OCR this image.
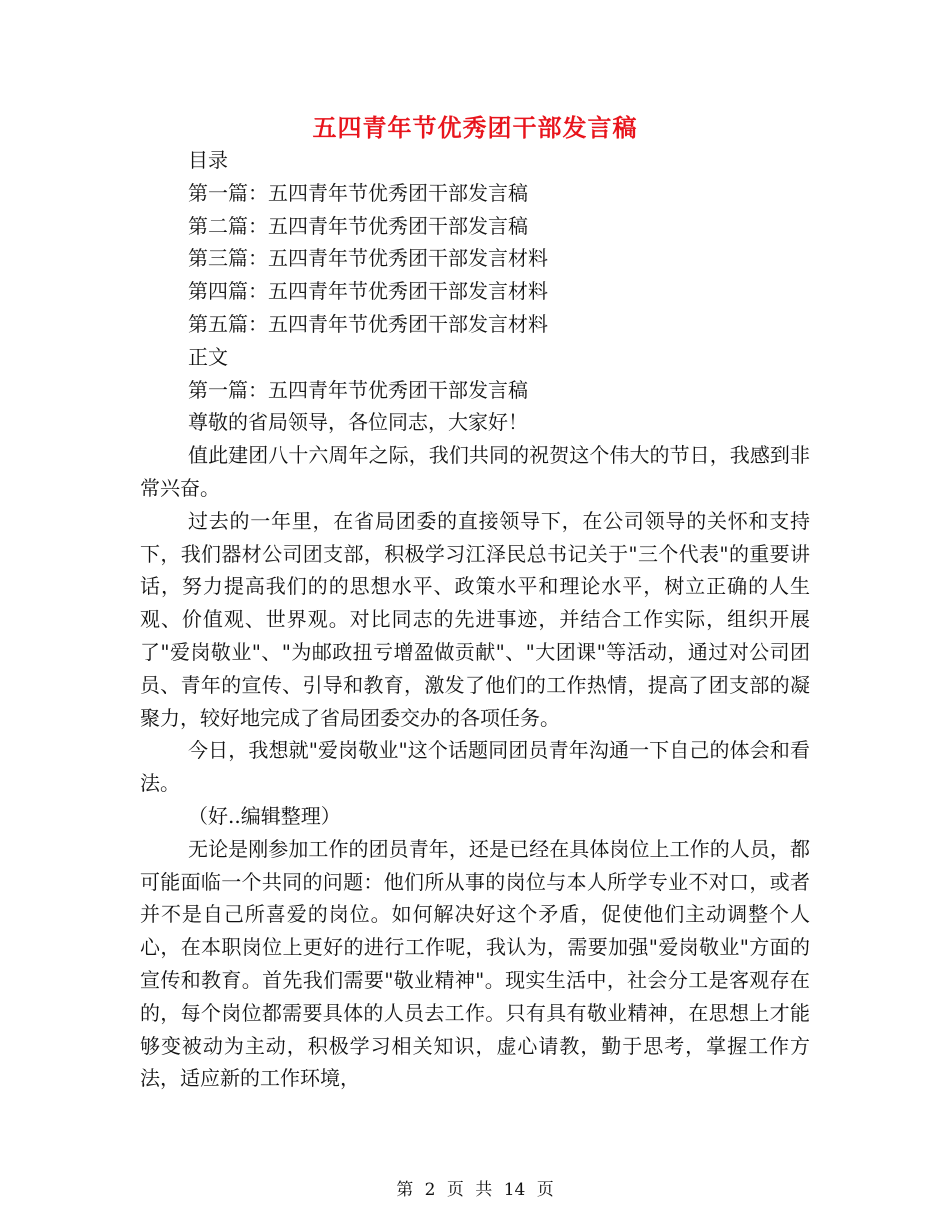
五四青年节优秀团干部发言稿

目录

第一篇：五四青年节优秀团干部发言稿

第二篇：五四青年节优秀团干部发言稿

第三篇：五四青年节优秀团干部发言材料

第四篇：五四青年节优秀团干部发言材料

第五篇：五四青年节优秀团干部发言材料

正文

第一篇：五四青年节优秀团干部发言稿

尊敬的省局领导，各位同志，大家好！

值此建团八十六周年之际，我们共同的祝贺这个伟大的节日，我感到非常兴奋。

过去的一年里，在省局团委的直接领导下，在公司领导的关怀和支持下，我们器材公司团支部，积极学习江泽民总书记关于"三个代表"的重要讲话，努力提高我们的的思想水平、政策水平和理论水平，树立正确的人生观、价值观、世界观。对比同志的先进事迹，并结合工作实际，组织开展了"爱岗敬业"、"为邮政扭亏增盈做贡献"、"大团课"等活动，通过对公司团员、青年的宣传、引导和教育，激发了他们的工作热情，提高了团支部的凝聚力，较好地完成了省局团委交办的各项任务。

今日，我想就"爱岗敬业"这个话题同团员青年沟通一下自己的体会和看法。

（好..编辑整理）

无论是刚参加工作的团员青年，还是已经在具体岗位上工作的人员，都可能面临一个共同的问题：他们所从事的岗位与本人所学专业不对口，或者并不是自己所喜爱的岗位。如何解决好这个矛盾，促使他们主动调整个人心，在本职岗位上更好的进行工作呢，我认为，需要加强"爱岗敬业"方面的宣传和教育。首先我们需要"敬业精神"。现实生活中，社会分工是客观存在的，每个岗位都需要具体的人员去工作。只有具有敬业精神，在思想上才能够变被动为主动，积极学习相关知识，虚心请教，勤于思考，掌握工作方法，适应新的工作环境，

第 2 页 共 14 页
